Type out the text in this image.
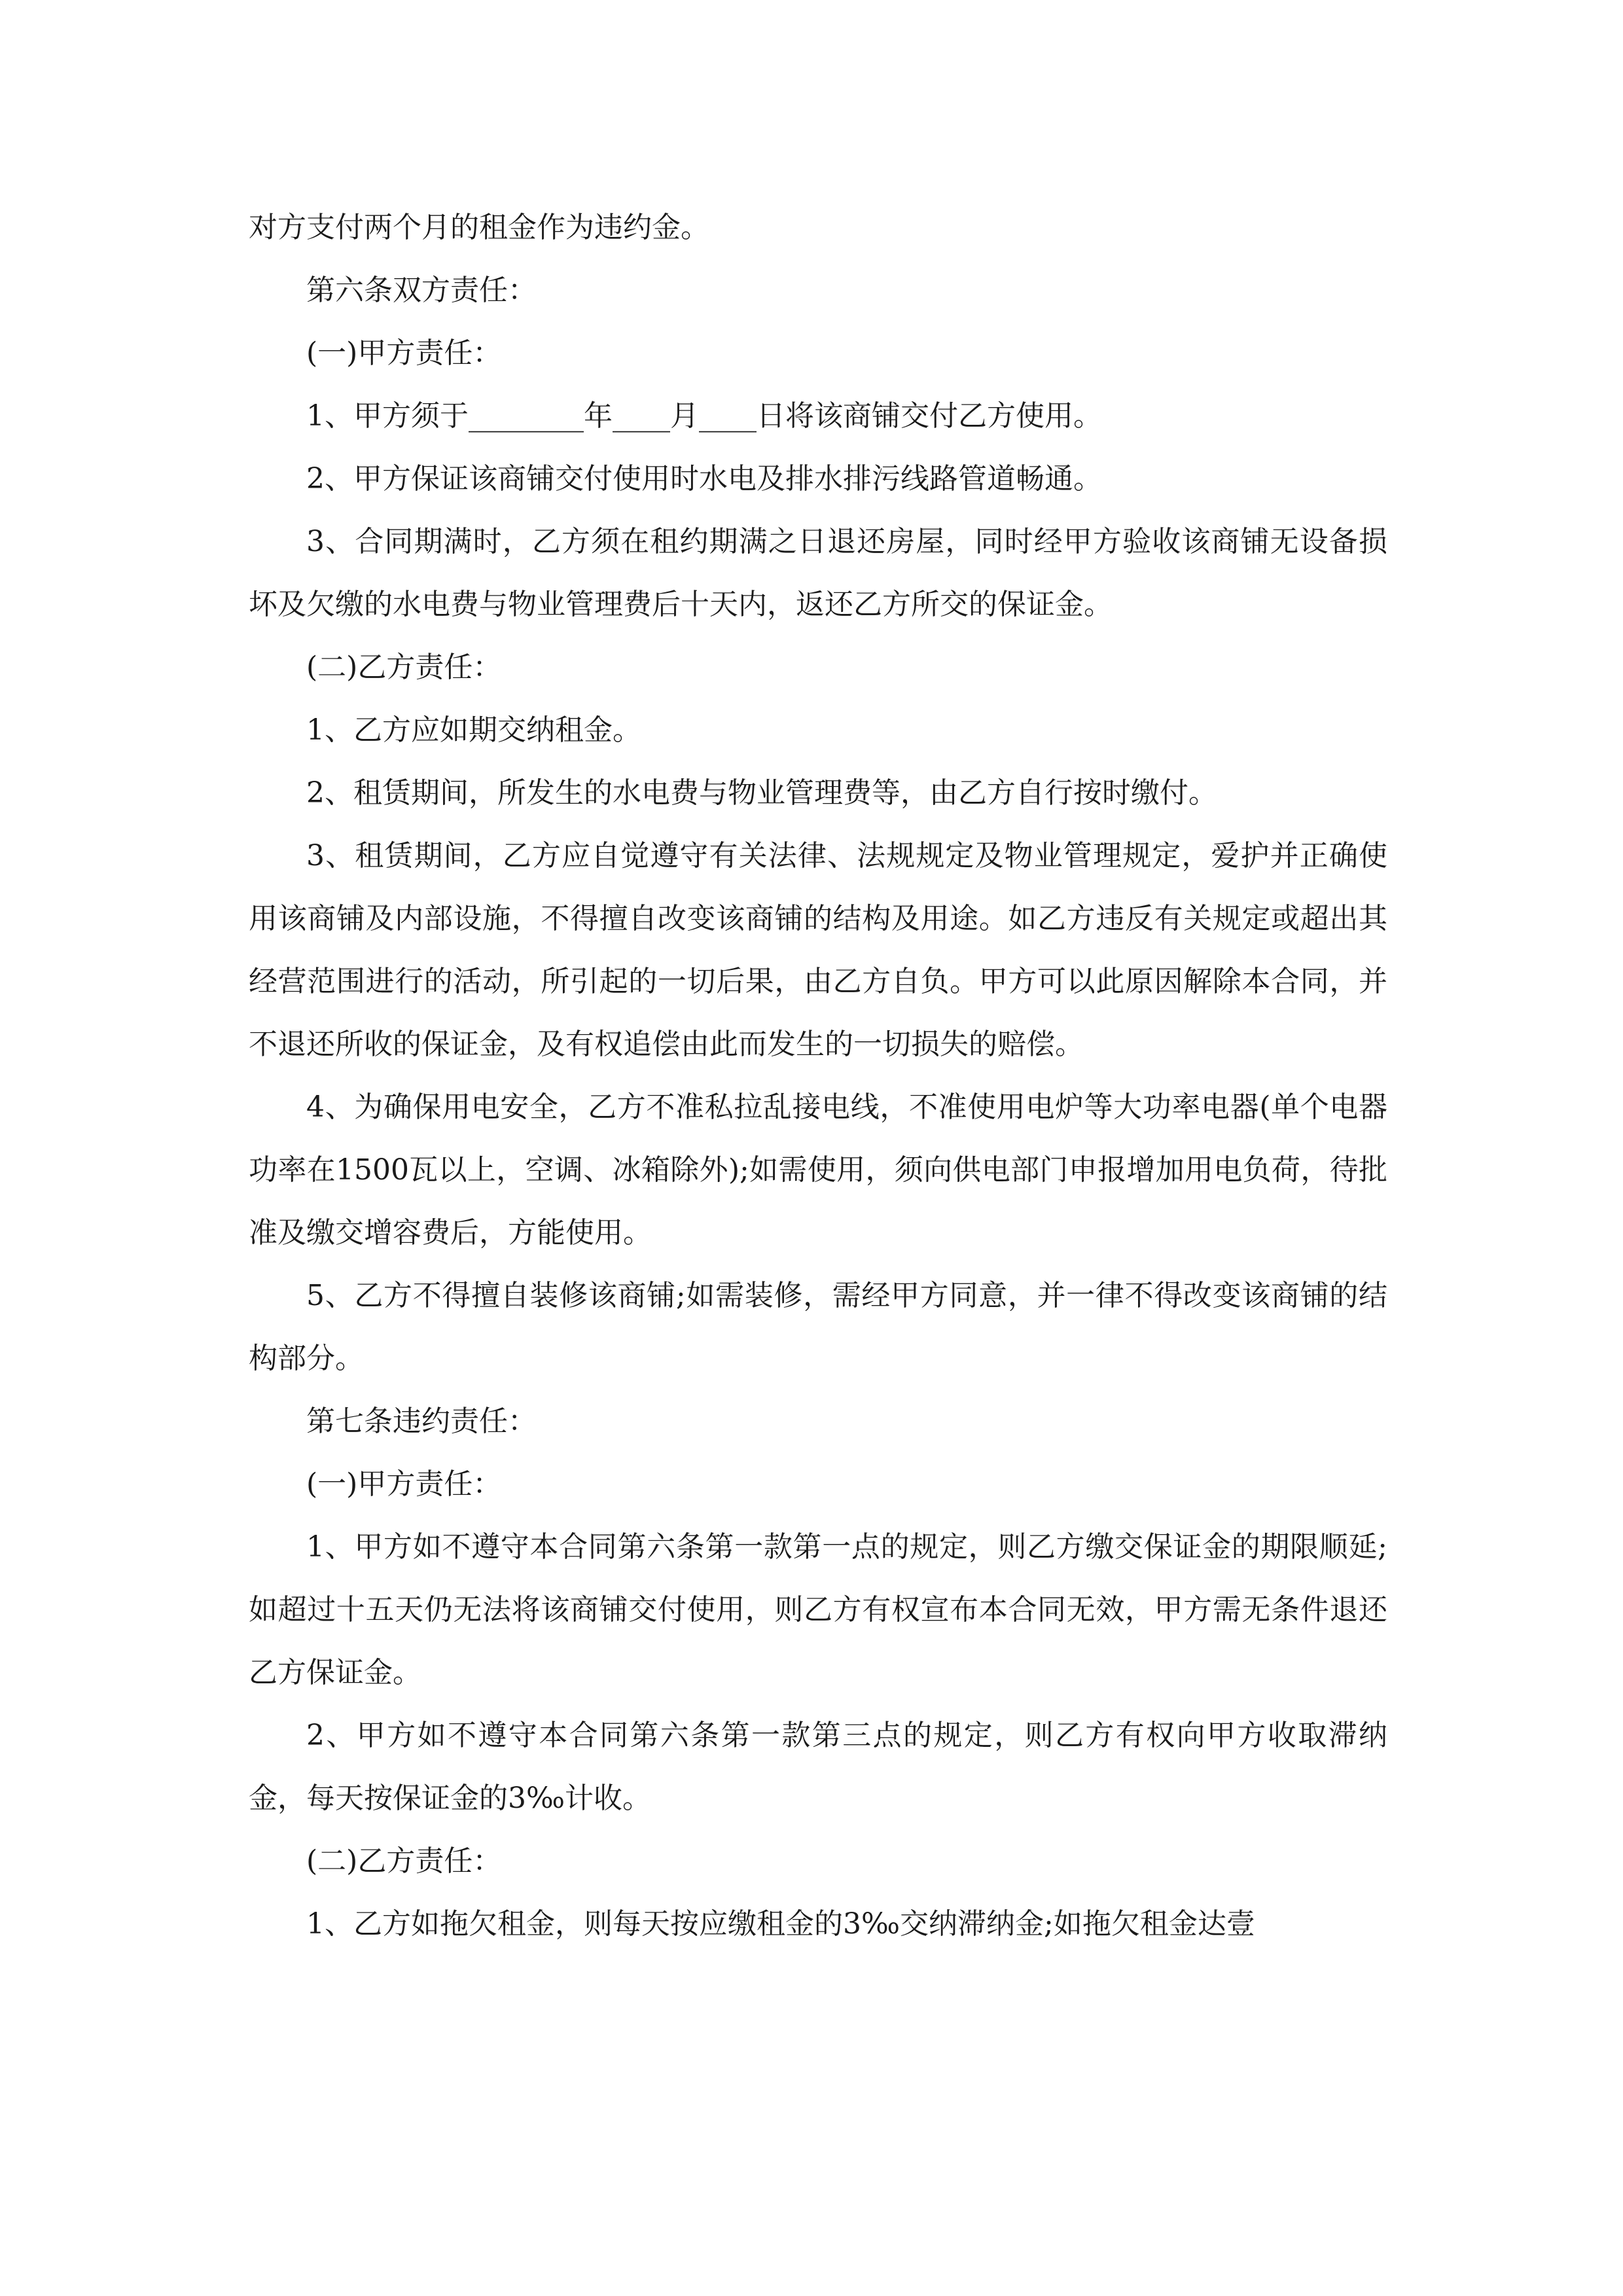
对方支付两个月的租金作为违约金。

第六条双方责任：

(一)甲方责任：

1、甲方须于________年____月____日将该商铺交付乙方使用。

2、甲方保证该商铺交付使用时水电及排水排污线路管道畅通。

3、合同期满时，乙方须在租约期满之日退还房屋，同时经甲方验收该商铺无设备损坏及欠缴的水电费与物业管理费后十天内，返还乙方所交的保证金。

(二)乙方责任：

1、乙方应如期交纳租金。

2、租赁期间，所发生的水电费与物业管理费等，由乙方自行按时缴付。

3、租赁期间，乙方应自觉遵守有关法律、法规规定及物业管理规定，爱护并正确使用该商铺及内部设施，不得擅自改变该商铺的结构及用途。如乙方违反有关规定或超出其经营范围进行的活动，所引起的一切后果，由乙方自负。甲方可以此原因解除本合同，并不退还所收的保证金，及有权追偿由此而发生的一切损失的赔偿。

4、为确保用电安全，乙方不准私拉乱接电线，不准使用电炉等大功率电器(单个电器功率在1500瓦以上，空调、冰箱除外);如需使用，须向供电部门申报增加用电负荷，待批准及缴交增容费后，方能使用。

5、乙方不得擅自装修该商铺;如需装修，需经甲方同意，并一律不得改变该商铺的结构部分。

第七条违约责任：

(一)甲方责任：

1、甲方如不遵守本合同第六条第一款第一点的规定，则乙方缴交保证金的期限顺延;如超过十五天仍无法将该商铺交付使用，则乙方有权宣布本合同无效，甲方需无条件退还乙方保证金。

2、甲方如不遵守本合同第六条第一款第三点的规定，则乙方有权向甲方收取滞纳金，每天按保证金的3‰计收。

(二)乙方责任：

1、乙方如拖欠租金，则每天按应缴租金的3‰交纳滞纳金;如拖欠租金达壹
